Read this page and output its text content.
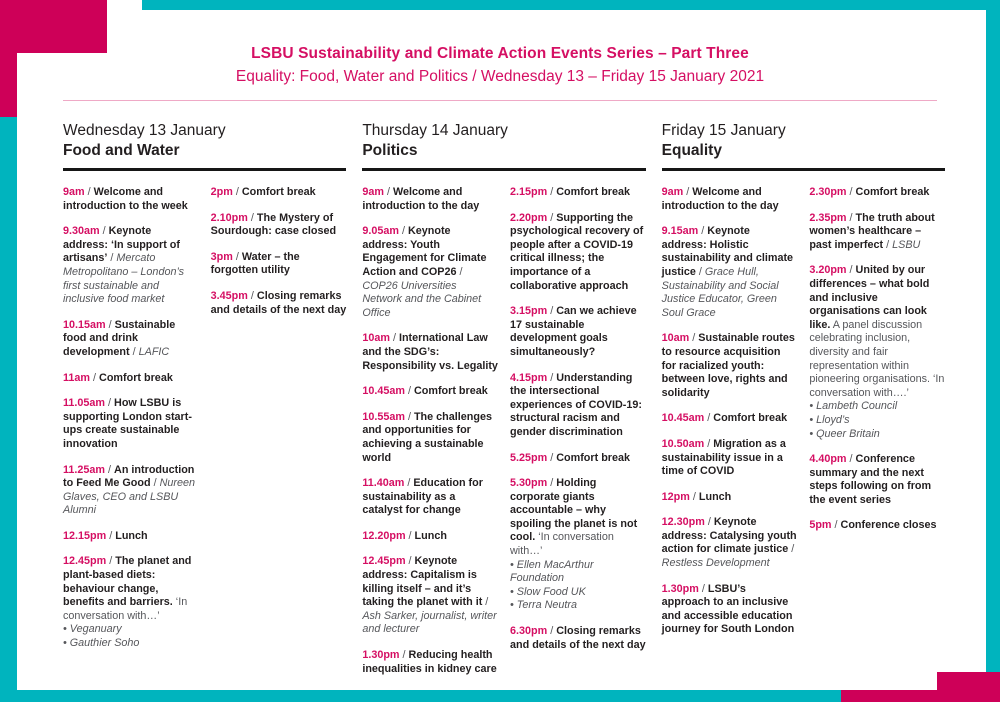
LSBU Sustainability and Climate Action Events Series – Part Three
Equality: Food, Water and Politics / Wednesday 13 – Friday 15 January 2021
Wednesday 13 January
Food and Water

9am / Welcome and introduction to the week

9.30am / Keynote address: ‘In support of artisans’ / Mercato Metropolitano – London’s first sustainable and inclusive food market

10.15am / Sustainable food and drink development / LAFIC

11am / Comfort break

11.05am / How LSBU is supporting London start-ups create sustainable innovation

11.25am / An introduction to Feed Me Good / Nureen Glaves, CEO and LSBU Alumni

12.15pm / Lunch

12.45pm / The planet and plant-based diets: behaviour change, benefits and barriers. ‘In conversation with…’
• Veganuary
• Gauthier Soho

2pm / Comfort break

2.10pm / The Mystery of Sourdough: case closed

3pm / Water – the forgotten utility

3.45pm / Closing remarks and details of the next day

Thursday 14 January
Politics

9am / Welcome and introduction to the day

9.05am / Keynote address: Youth Engagement for Climate Action and COP26 / COP26 Universities Network and the Cabinet Office

10am / International Law and the SDG’s: Responsibility vs. Legality

10.45am / Comfort break

10.55am / The challenges and opportunities for achieving a sustainable world

11.40am / Education for sustainability as a catalyst for change

12.20pm / Lunch

12.45pm / Keynote address: Capitalism is killing itself – and it’s taking the planet with it / Ash Sarker, journalist, writer and lecturer

1.30pm / Reducing health inequalities in kidney care

2.15pm / Comfort break

2.20pm / Supporting the psychological recovery of people after a COVID-19 critical illness; the importance of a collaborative approach

3.15pm / Can we achieve 17 sustainable development goals simultaneously?

4.15pm / Understanding the intersectional experiences of COVID-19: structural racism and gender discrimination

5.25pm / Comfort break

5.30pm / Holding corporate giants accountable – why spoiling the planet is not cool. ‘In conversation with…’
• Ellen MacArthur Foundation
• Slow Food UK
• Terra Neutra

6.30pm / Closing remarks and details of the next day

Friday 15 January
Equality

9am / Welcome and introduction to the day

9.15am / Keynote address: Holistic sustainability and climate justice / Grace Hull, Sustainability and Social Justice Educator, Green Soul Grace

10am / Sustainable routes to resource acquisition for racialized youth: between love, rights and solidarity

10.45am / Comfort break

10.50am / Migration as a sustainability issue in a time of COVID

12pm / Lunch

12.30pm / Keynote address: Catalysing youth action for climate justice / Restless Development

1.30pm / LSBU’s approach to an inclusive and accessible education journey for South London

2.30pm / Comfort break

2.35pm / The truth about women’s healthcare – past imperfect / LSBU

3.20pm / United by our differences – what bold and inclusive organisations can look like. A panel discussion celebrating inclusion, diversity and fair representation within pioneering organisations. ‘In conversation with….’
• Lambeth Council
• Lloyd’s
• Queer Britain

4.40pm / Conference summary and the next steps following on from the event series

5pm / Conference closes
